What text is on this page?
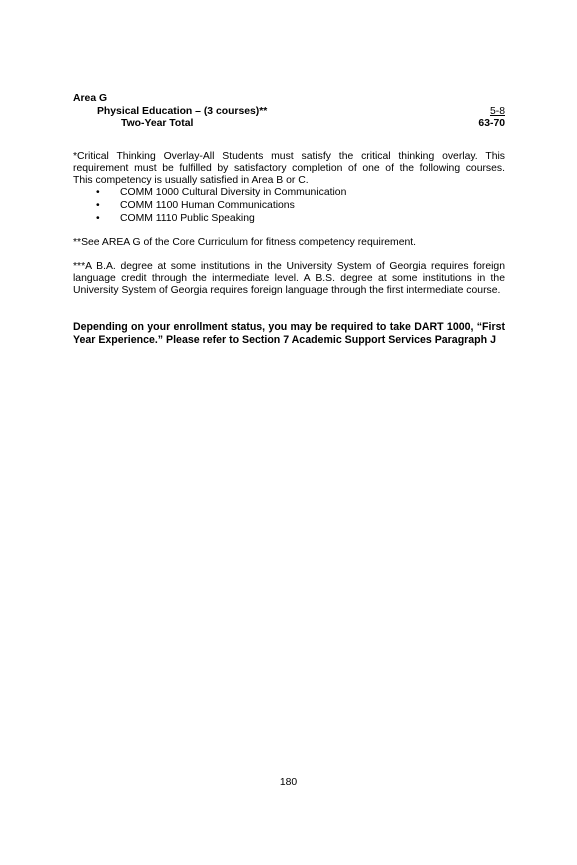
Area G
Physical Education – (3 courses)**	5-8
Two-Year Total	63-70
*Critical Thinking Overlay-All Students must satisfy the critical thinking overlay. This
requirement must be fulfilled by satisfactory completion of one of the following courses.
This competency is usually satisfied in Area B or C.
• COMM 1000 Cultural Diversity in Communication
• COMM 1100 Human Communications
• COMM 1110 Public Speaking
**See AREA G of the Core Curriculum for fitness competency requirement.
***A B.A. degree at some institutions in the University System of Georgia requires foreign language credit through the intermediate level. A B.S. degree at some institutions in the University System of Georgia requires foreign language through the first intermediate course.
Depending on your enrollment status, you may be required to take DART 1000, “First Year Experience.” Please refer to Section 7 Academic Support Services Paragraph J
180
